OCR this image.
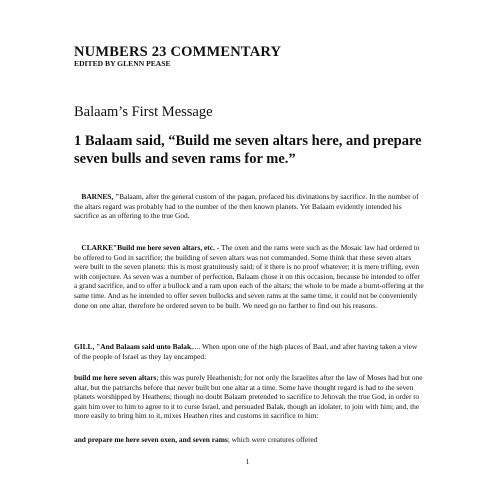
NUMBERS 23 COMMENTARY
EDITED BY GLENN PEASE
Balaam’s First Message
1 Balaam said, “Build me seven altars here, and prepare seven bulls and seven rams for me.”
BARNES, "Balaam, after the general custom of the pagan, prefaced his divinations by sacrifice. In the number of the altars regard was probably had to the number of the then known planets. Yet Balaam evidently intended his sacrifice as an offering to the true God.
CLARKE"Build me here seven altars, etc. - The oxen and the rams were such as the Mosaic law had ordered to be offered to God in sacrifice; the building of seven altars was not commanded. Some think that these seven altars were built to the seven planets: this is most gratuitously said; of it there is no proof whatever; it is mere trifling, even with conjecture. As seven was a number of perfection, Balaam chose it on this occasion, because he intended to offer a grand sacrifice, and to offer a bullock and a ram upon each of the altars; the whole to be made a burnt-offering at the same time. And as he intended to offer seven bullocks and seven rams at the same time, it could not be conveniently done on one altar, therefore he ordered seven to be built. We need go no farther to find out his reasons.
GILL, "And Balaam said unto Balak,.... When upon one of the high places of Baal, and after having taken a view of the people of Israel as they lay encamped:
build me here seven altars; this was purely Heathenish; for not only the Israelites after the law of Moses had but one altar, but the patriarchs before that never built but one altar at a time. Some have thought regard is had to the seven planets worshipped by Heathens; though no doubt Balaam pretended to sacrifice to Jehovah the true God, in order to gain him over to him to agree to it to curse Israel, and persuaded Balak, though an idolater, to join with him; and, the more easily to bring him to it, mixes Heathen rites and customs in sacrifice to him:
and prepare me here seven oxen, and seven rams; which were creatures offered
1
